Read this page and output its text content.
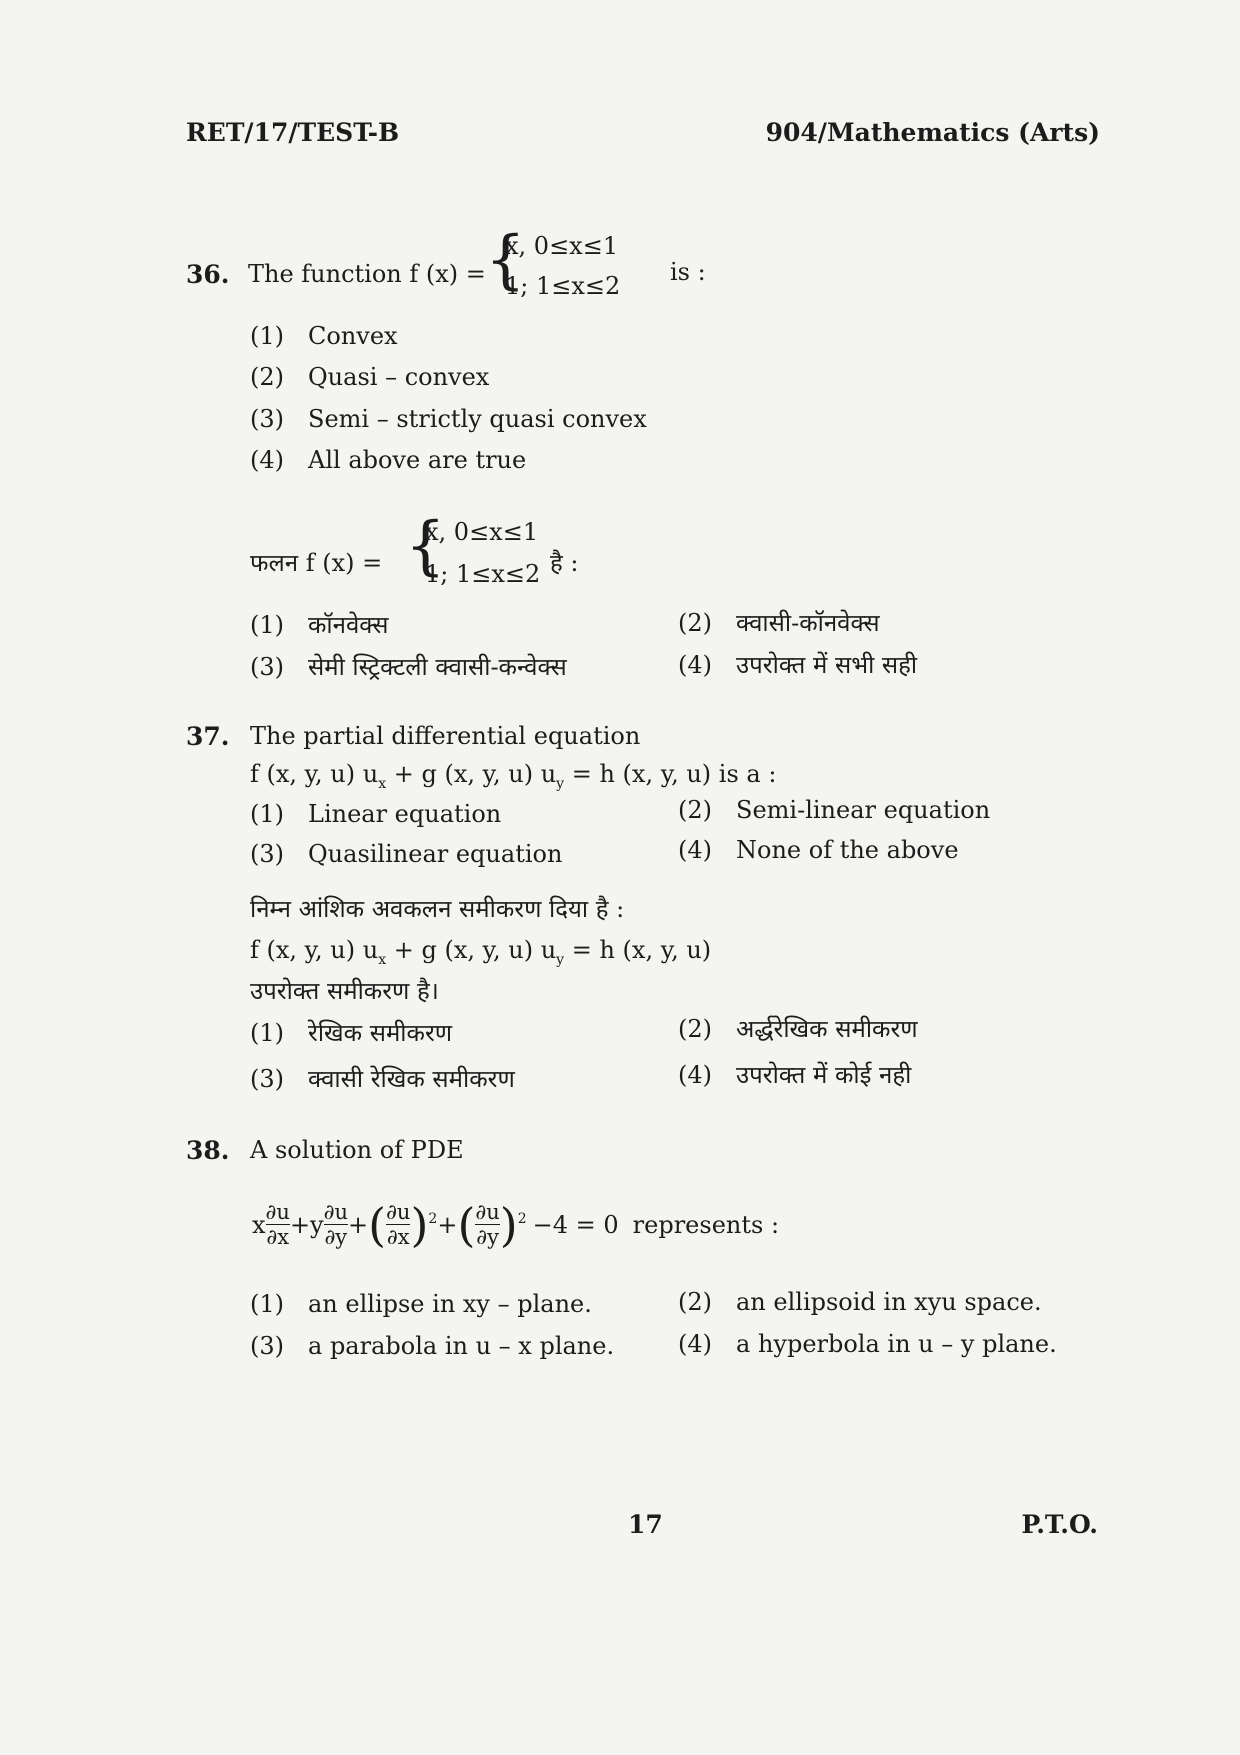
RET/17/TEST-B	904/Mathematics (Arts)
36. The function f (x) = {
x, 0≤x≤1
1; 1≤x≤2 is :
(1) Convex
(2) Quasi – convex
(3) Semi – strictly quasi convex
(4) All above are true
फलन f (x) = {
x, 0≤x≤1
1; 1≤x≤2 है :
(1) कॉनवेक्स	(2) क्वासी-कॉनवेक्स
(3) सेमी स्ट्रिक्टली क्वासी-कन्वेक्स	(4) उपरोक्त में सभी सही
37. The partial differential equation
f (x, y, u) $u_x + g$ (x, y, u) $u_y = h$ (x, y, u) is a :
(1) Linear equation	(2) Semi-linear equation
(3) Quasilinear equation	(4) None of the above
निम्न आंशिक अवकलन समीकरण दिया है :
f (x, y, u) $u_x + g$ (x, y, u) $u_y = h$ (x, y, u)
उपरोक्त समीकरण है।
(1) रेखिक समीकरण	(2) अर्द्धरेखिक समीकरण
(3) क्वासी रेखिक समीकरण	(4) उपरोक्त में कोई नही
38. A solution of PDE
x $\frac{\partial u}{\partial x} + y \frac{\partial u}{\partial y}$ + ( $\frac{\partial u}{\partial x}$ ) 2 + ( $\frac{\partial u}{\partial y}$ ) 2 −4 = 0 represents :
(1) an ellipse in xy – plane.	(2) an ellipsoid in xyu space.
(3) a parabola in u – x plane.	(4) a hyperbola in u – y plane.
17	P.T.O.
